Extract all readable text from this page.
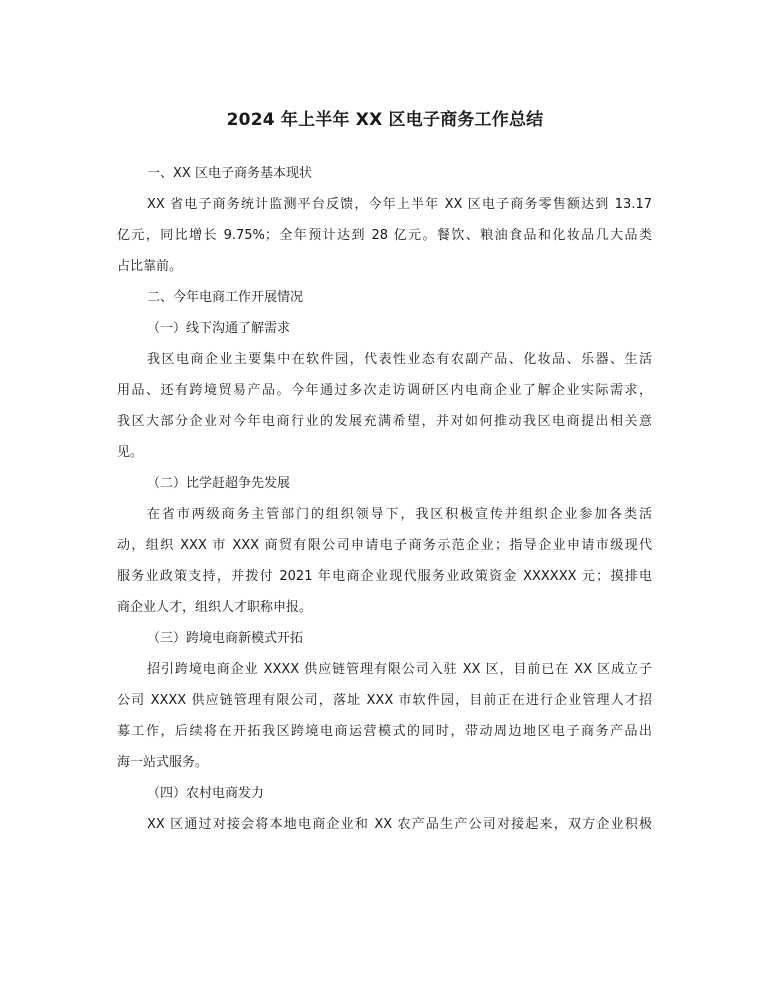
2024 年上半年 XX 区电子商务工作总结
一、XX 区电子商务基本现状
XX 省电子商务统计监测平台反馈，今年上半年 XX 区电子商务零售额达到 13.17
亿元，同比增长 9.75%；全年预计达到 28 亿元。餐饮、粮油食品和化妆品几大品类
占比靠前。
二、今年电商工作开展情况
（一）线下沟通了解需求
我区电商企业主要集中在软件园，代表性业态有农副产品、化妆品、乐器、生活
用品、还有跨境贸易产品。今年通过多次走访调研区内电商企业了解企业实际需求，
我区大部分企业对今年电商行业的发展充满希望，并对如何推动我区电商提出相关意
见。
（二）比学赶超争先发展
在省市两级商务主管部门的组织领导下，我区积极宣传并组织企业参加各类活
动，组织 XXX 市 XXX 商贸有限公司申请电子商务示范企业；指导企业申请市级现代
服务业政策支持，并拨付 2021 年电商企业现代服务业政策资金 XXXXXX 元；摸排电
商企业人才，组织人才职称申报。
（三）跨境电商新模式开拓
招引跨境电商企业 XXXX 供应链管理有限公司入驻 XX 区，目前已在 XX 区成立子
公司 XXXX 供应链管理有限公司，落址 XXX 市软件园，目前正在进行企业管理人才招
募工作，后续将在开拓我区跨境电商运营模式的同时，带动周边地区电子商务产品出
海一站式服务。
（四）农村电商发力
XX 区通过对接会将本地电商企业和 XX 农产品生产公司对接起来，双方企业积极
